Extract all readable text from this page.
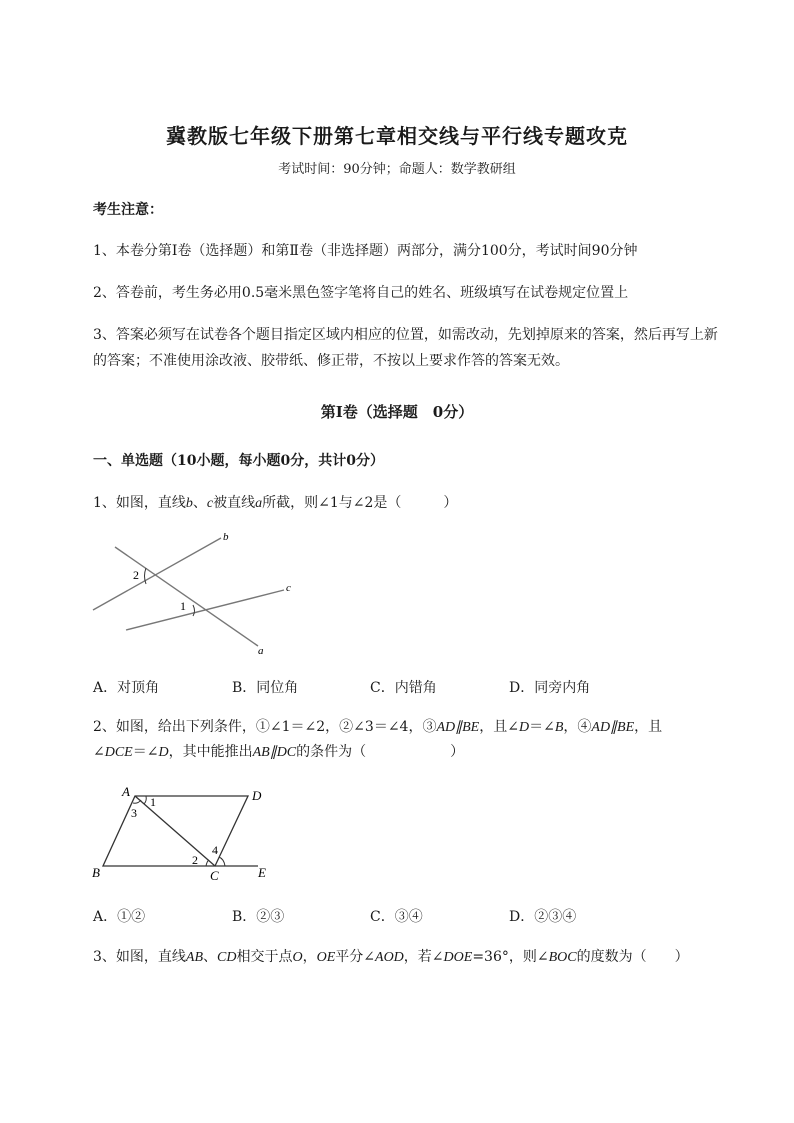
冀教版七年级下册第七章相交线与平行线专题攻克
考试时间：90分钟；命题人：数学教研组
考生注意：
1、本卷分第I卷（选择题）和第Ⅱ卷（非选择题）两部分，满分100分，考试时间90分钟
2、答卷前，考生务必用0.5毫米黑色签字笔将自己的姓名、班级填写在试卷规定位置上
3、答案必须写在试卷各个题目指定区域内相应的位置，如需改动，先划掉原来的答案，然后再写上新
的答案；不准使用涂改液、胶带纸、修正带，不按以上要求作答的答案无效。
第I卷（选择题　0分）
一、单选题（10小题，每小题0分，共计0分）
1、如图，直线b、c被直线a所截，则∠1与∠2是（　　　）
b
c
a
2
1
A．对顶角	B．同位角	C．内错角	D．同旁内角
2、如图，给出下列条件，①∠1＝∠2，②∠3＝∠4，③AD∥BE，且∠D＝∠B，④AD∥BE，且
∠DCE＝∠D，其中能推出AB∥DC的条件为（　　　　　　）
A	D
B	C	E
1
3
2
4
A．①②	B．②③	C．③④	D．②③④
3、如图，直线AB、CD相交于点O，OE平分∠AOD，若∠DOE=36°，则∠BOC的度数为（　　）
